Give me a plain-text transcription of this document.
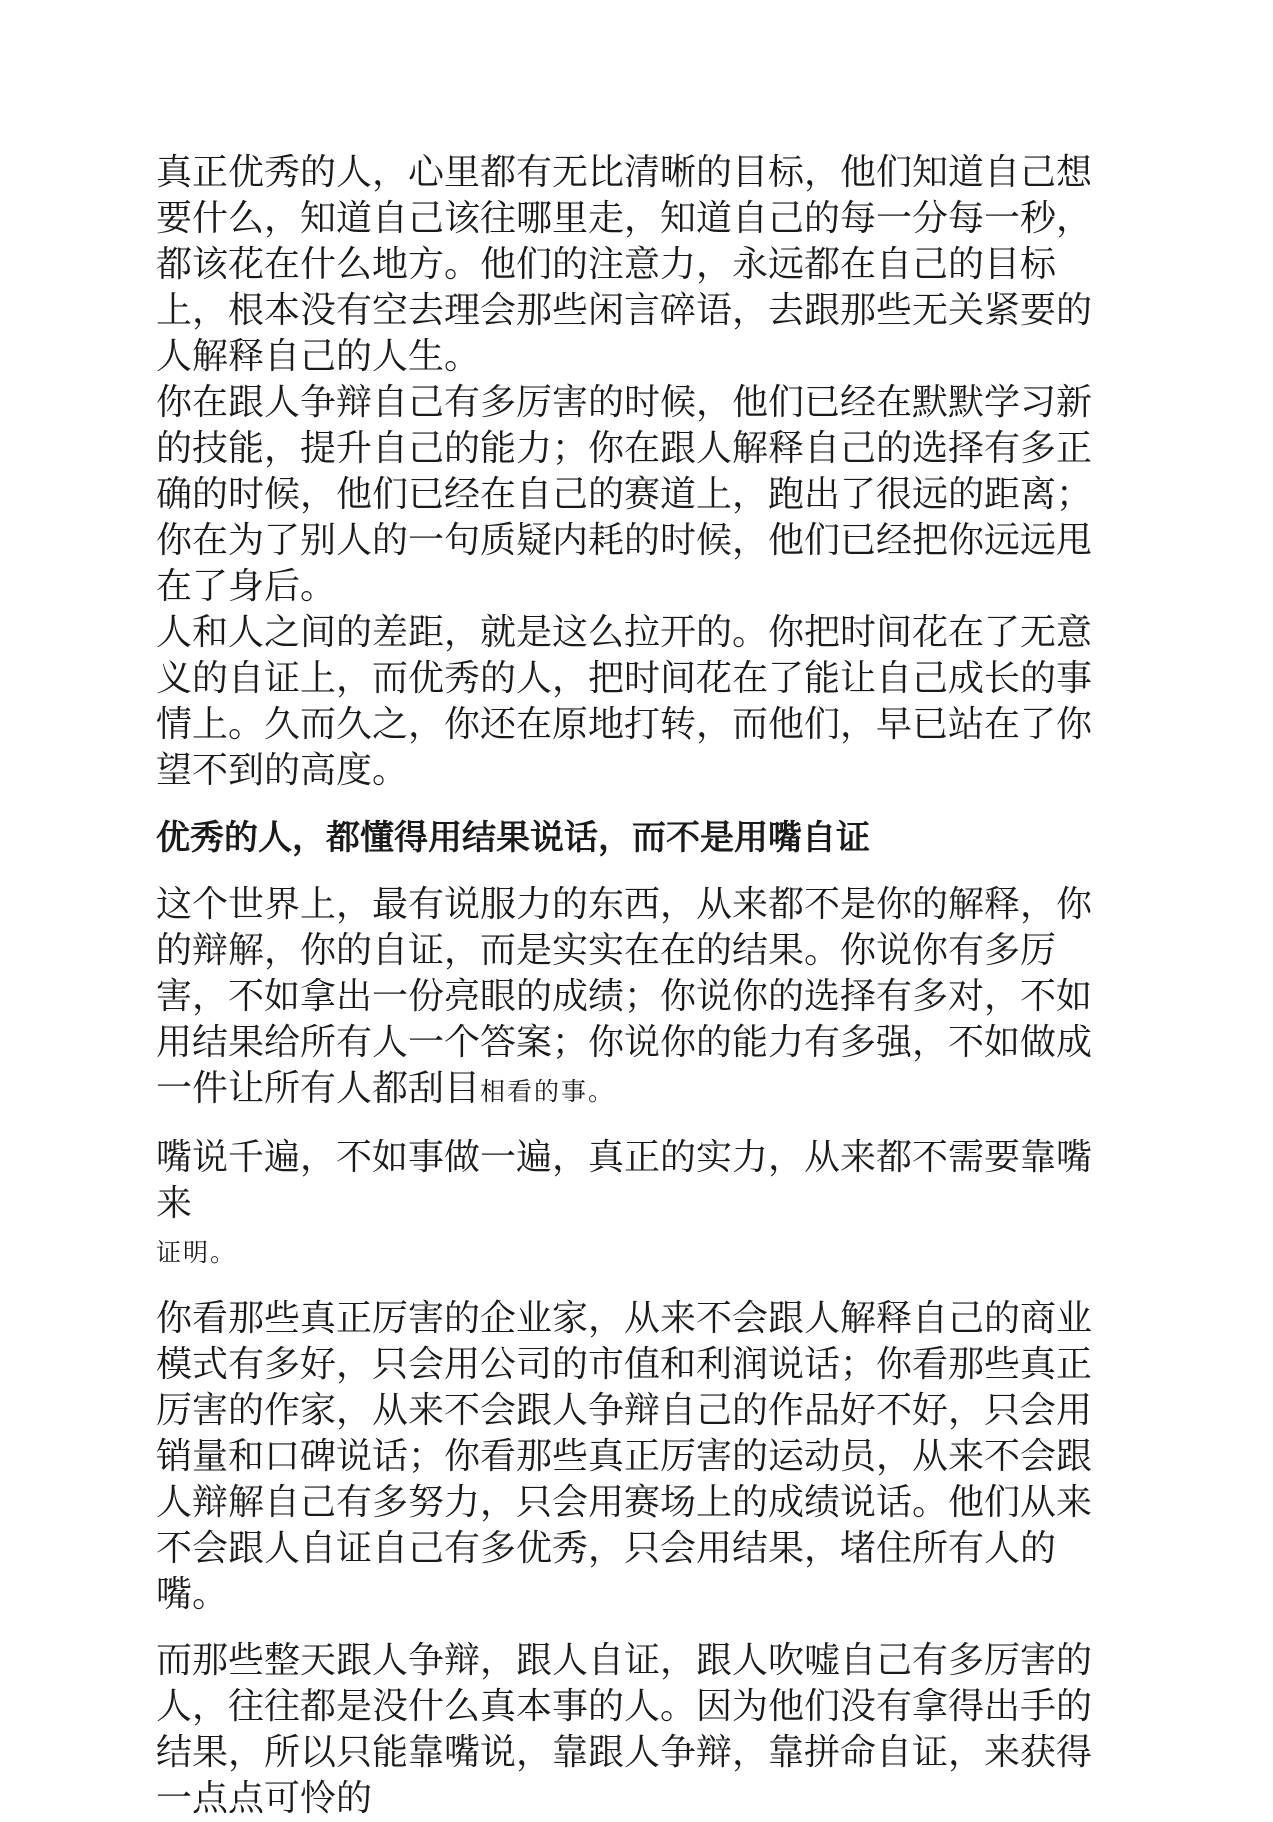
真正优秀的人，心里都有无比清晰的目标，他们知道自己想要什么，知道自己该往哪里走，知道自己的每一分每一秒，都该花在什么地方。他们的注意力，永远都在自己的目标上，根本没有空去理会那些闲言碎语，去跟那些无关紧要的人解释自己的人生。

你在跟人争辩自己有多厉害的时候，他们已经在默默学习新的技能，提升自己的能力；你在跟人解释自己的选择有多正确的时候，他们已经在自己的赛道上，跑出了很远的距离；你在为了别人的一句质疑内耗的时候，他们已经把你远远甩在了身后。

人和人之间的差距，就是这么拉开的。你把时间花在了无意义的自证上，而优秀的人，把时间花在了能让自己成长的事情上。久而久之，你还在原地打转，而他们，早已站在了你望不到的高度。

优秀的人，都懂得用结果说话，而不是用嘴自证

这个世界上，最有说服力的东西，从来都不是你的解释，你的辩解，你的自证，而是实实在在的结果。你说你有多厉害，不如拿出一份亮眼的成绩；你说你的选择有多对，不如用结果给所有人一个答案；你说你的能力有多强，不如做成一件让所有人都刮目相看的事。

嘴说千遍，不如事做一遍，真正的实力，从来都不需要靠嘴来
证明。

你看那些真正厉害的企业家，从来不会跟人解释自己的商业模式有多好，只会用公司的市值和利润说话；你看那些真正厉害的作家，从来不会跟人争辩自己的作品好不好，只会用销量和口碑说话；你看那些真正厉害的运动员，从来不会跟人辩解自己有多努力，只会用赛场上的成绩说话。他们从来不会跟人自证自己有多优秀，只会用结果，堵住所有人的嘴。

而那些整天跟人争辩，跟人自证，跟人吹嘘自己有多厉害的人，往往都是没什么真本事的人。因为他们没有拿得出手的结果，所以只能靠嘴说，靠跟人争辩，靠拼命自证，来获得一点点可怜的
